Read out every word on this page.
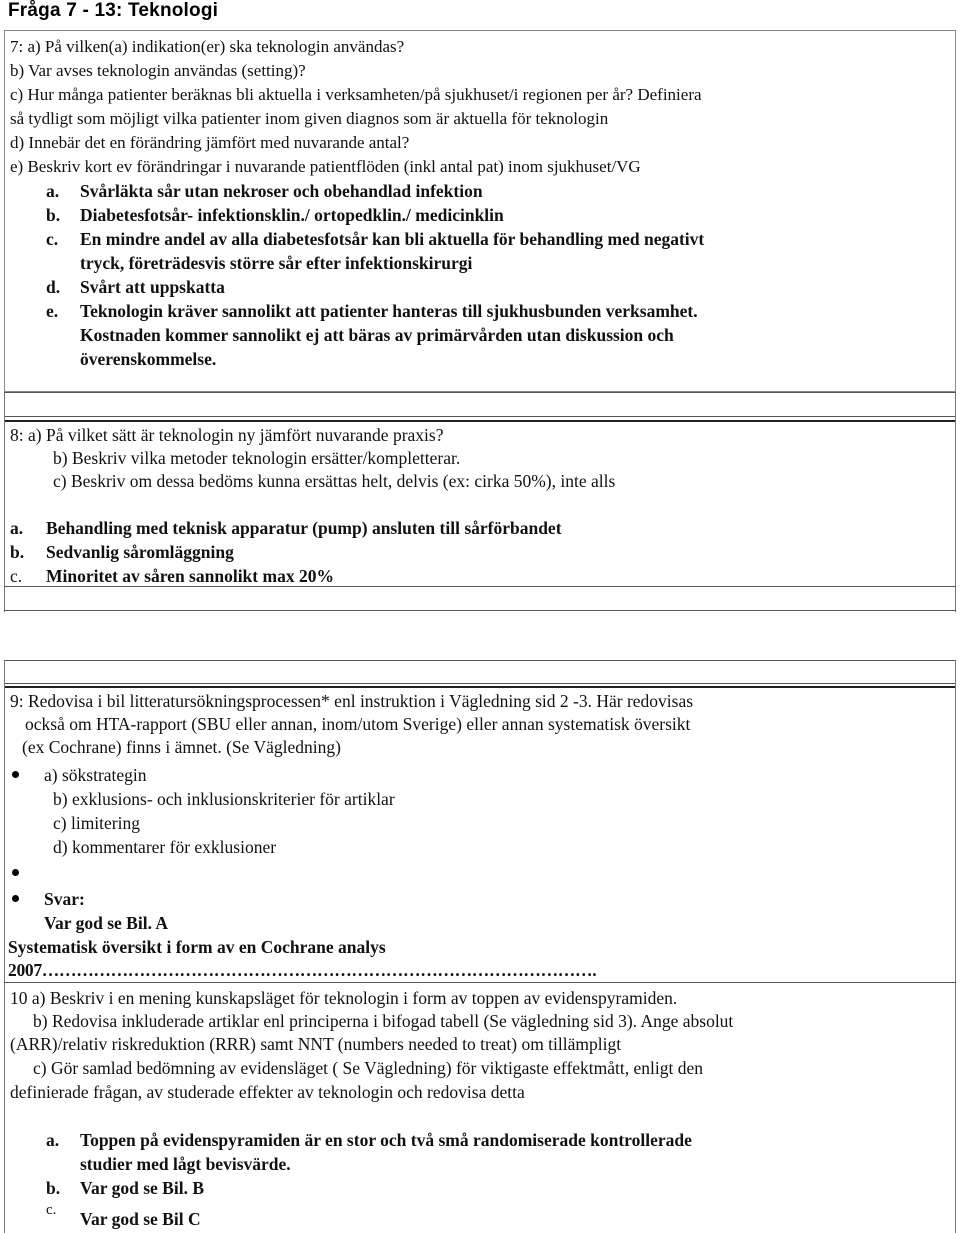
Fråga 7 - 13: Teknologi
7: a) På vilken(a) indikation(er) ska teknologin användas?
b) Var avses teknologin användas (setting)?
c) Hur många patienter beräknas bli aktuella i verksamheten/på sjukhuset/i regionen per år? Definiera
så tydligt som möjligt vilka patienter inom given diagnos som är aktuella för teknologin
d) Innebär det en förändring jämfört med nuvarande antal?
e) Beskriv kort ev förändringar i nuvarande patientflöden (inkl antal pat) inom sjukhuset/VG
a. Svårläkta sår utan nekroser och obehandlad infektion
b. Diabetesfotsår- infektionsklin./ ortopedklin./ medicinklin
c. En mindre andel av alla diabetesfotsår kan bli aktuella för behandling med negativt
tryck, företrädesvis större sår efter infektionskirurgi
d. Svårt att uppskatta
e. Teknologin kräver sannolikt att patienter hanteras till sjukhusbunden verksamhet.
Kostnaden kommer sannolikt ej att bäras av primärvården utan diskussion och
överenskommelse.
8: a) På vilket sätt är teknologin ny jämfört nuvarande praxis?
b) Beskriv vilka metoder teknologin ersätter/kompletterar.
c) Beskriv om dessa bedöms kunna ersättas helt, delvis (ex: cirka 50%), inte alls
a. Behandling med teknisk apparatur (pump) ansluten till sårförbandet
b. Sedvanlig såromläggning
c. Minoritet av såren sannolikt max 20%
9: Redovisa i bil litteratursökningsprocessen* enl instruktion i Vägledning sid 2 -3. Här redovisas
också om HTA-rapport (SBU eller annan, inom/utom Sverige) eller annan systematisk översikt
(ex Cochrane) finns i ämnet. (Se Vägledning)
a) sökstrategin
b) exklusions- och inklusionskriterier för artiklar
c) limitering
d) kommentarer för exklusioner
Svar:
Var god se Bil. A
Systematisk översikt i form av en Cochrane analys
2007…………………………………………………………………………………….
10 a) Beskriv i en mening kunskapsläget för teknologin i form av toppen av evidenspyramiden.
b) Redovisa inkluderade artiklar enl principerna i bifogad tabell (Se vägledning sid 3). Ange absolut
(ARR)/relativ riskreduktion (RRR) samt NNT (numbers needed to treat) om tillämpligt
c) Gör samlad bedömning av evidensläget ( Se Vägledning) för viktigaste effektmått, enligt den
definierade frågan, av studerade effekter av teknologin och redovisa detta
a. Toppen på evidenspyramiden är en stor och två små randomiserade kontrollerade
studier med lågt bevisvärde.
b. Var god se Bil. B
c. Var god se Bil C
